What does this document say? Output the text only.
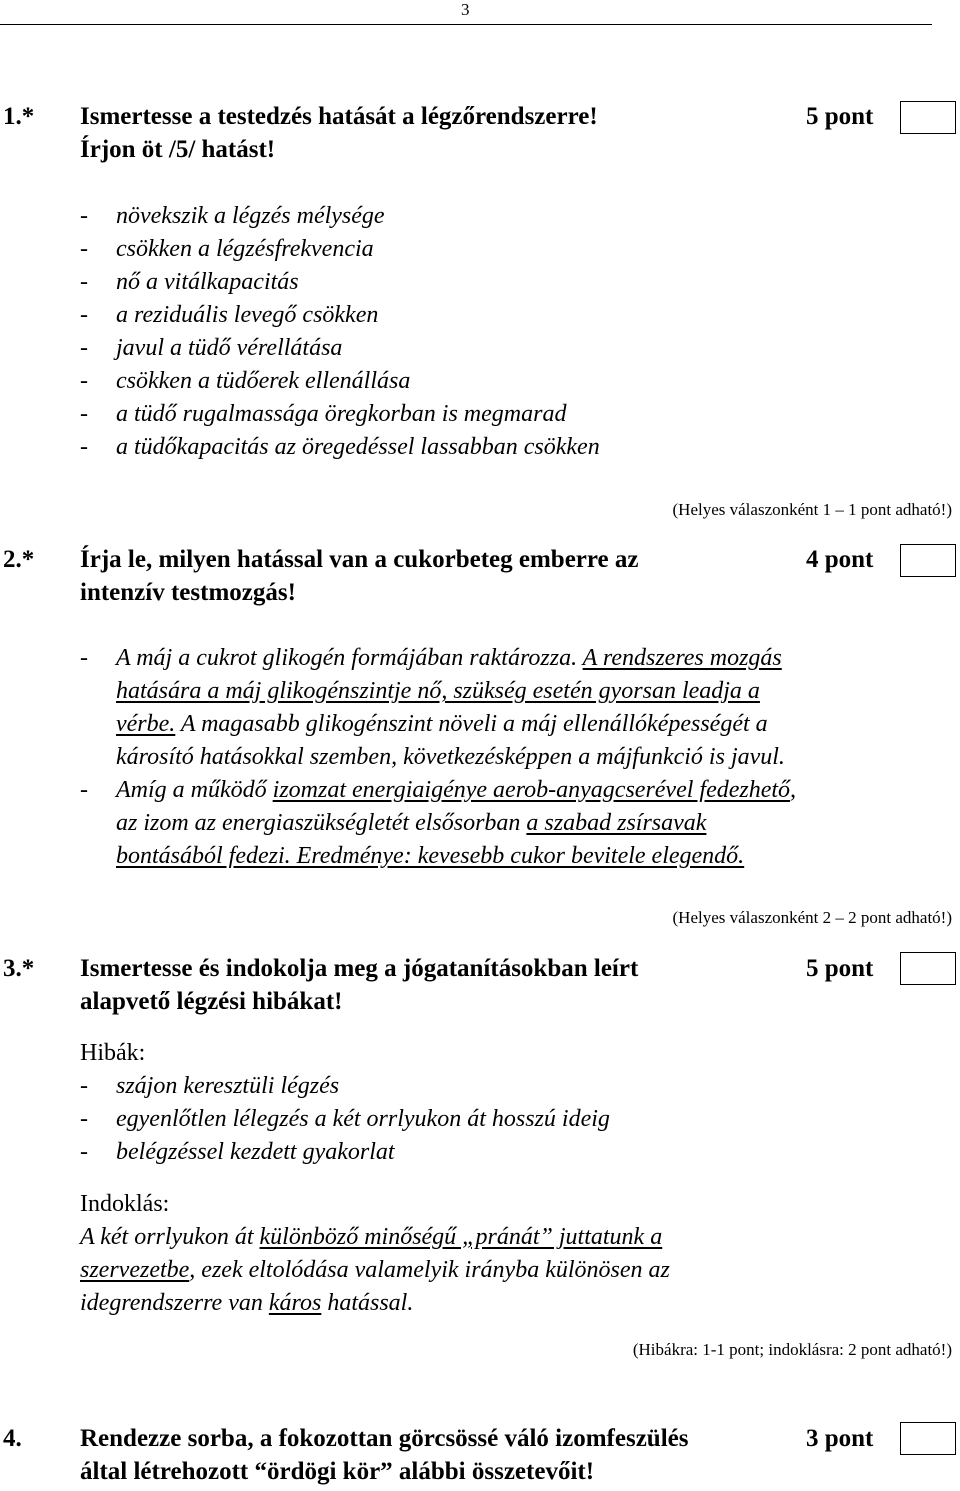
3
1.* Ismertesse a testedzés hatását a légzőrendszerre!
Írjon öt /5/ hatást!
5 pont
- növekszik a légzés mélysége
- csökken a légzésfrekvencia
- nő a vitálkapacitás
- a reziduális levegő csökken
- javul a tüdő vérellátása
- csökken a tüdőerek ellenállása
- a tüdő rugalmassága öregkorban is megmarad
- a tüdőkapacitás az öregedéssel lassabban csökken
(Helyes válaszonként 1 – 1 pont adható!)
2.* Írja le, milyen hatással van a cukorbeteg emberre az
intenzív testmozgás!
4 pont
- A máj a cukrot glikogén formájában raktározza. A rendszeres mozgás
hatására a máj glikogénszintje nő, szükség esetén gyorsan leadja a
vérbe. A magasabb glikogénszint növeli a máj ellenállóképességét a
károsító hatásokkal szemben, következésképpen a májfunkció is javul.
- Amíg a működő izomzat energiaigénye aerob-anyagcserével fedezhető,
az izom az energiaszükségletét elsősorban a szabad zsírsavak
bontásából fedezi. Eredménye: kevesebb cukor bevitele elegendő.
(Helyes válaszonként 2 – 2 pont adható!)
3.* Ismertesse és indokolja meg a jógatanításokban leírt
alapvető légzési hibákat!
5 pont
Hibák:
- szájon keresztüli légzés
- egyenlőtlen lélegzés a két orrlyukon át hosszú ideig
- belégzéssel kezdett gyakorlat
Indoklás:
A két orrlyukon át különböző minőségű „pránát” juttatunk a
szervezetbe, ezek eltolódása valamelyik irányba különösen az
idegrendszerre van káros hatással.
(Hibákra: 1-1 pont; indoklásra: 2 pont adható!)
4. Rendezze sorba, a fokozottan görcsössé váló izomfeszülés
által létrehozott “ördögi kör” alábbi összetevőit!
3 pont
